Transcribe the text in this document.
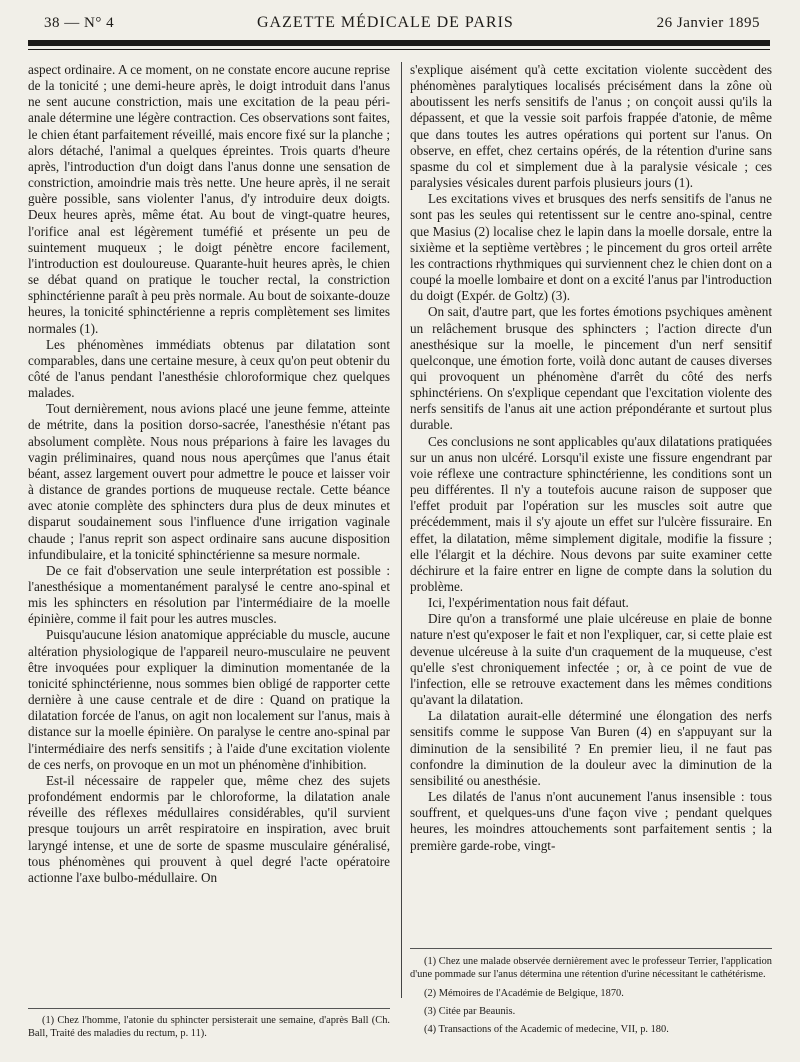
38 — N° 4	GAZETTE MÉDICALE DE PARIS	26 Janvier 1895

aspect ordinaire. A ce moment, on ne constate encore aucune reprise de la tonicité ; une demi-heure après, le doigt introduit dans l'anus ne sent aucune constriction, mais une excitation de la peau péri-anale détermine une légère contraction. Ces observations sont faites, le chien étant parfaitement réveillé, mais encore fixé sur la planche ; alors détaché, l'animal a quelques épreintes. Trois quarts d'heure après, l'introduction d'un doigt dans l'anus donne une sensation de constriction, amoindrie mais très nette. Une heure après, il ne serait guère possible, sans violenter l'anus, d'y introduire deux doigts. Deux heures après, même état. Au bout de vingt-quatre heures, l'orifice anal est légèrement tuméfié et présente un peu de suintement muqueux ; le doigt pénètre encore facilement, l'introduction est douloureuse. Quarante-huit heures après, le chien se débat quand on pratique le toucher rectal, la constriction sphinctérienne paraît à peu près normale. Au bout de soixante-douze heures, la tonicité sphinctérienne a repris complètement ses limites normales (1).

Les phénomènes immédiats obtenus par dilatation sont comparables, dans une certaine mesure, à ceux qu'on peut obtenir du côté de l'anus pendant l'anesthésie chloroformique chez quelques malades.

Tout dernièrement, nous avions placé une jeune femme, atteinte de métrite, dans la position dorso-sacrée, l'anesthésie n'étant pas absolument complète. Nous nous préparions à faire les lavages du vagin préliminaires, quand nous nous aperçûmes que l'anus était béant, assez largement ouvert pour admettre le pouce et laisser voir à distance de grandes portions de muqueuse rectale. Cette béance avec atonie complète des sphincters dura plus de deux minutes et disparut soudainement sous l'influence d'une irrigation vaginale chaude ; l'anus reprit son aspect ordinaire sans aucune disposition infundibulaire, et la tonicité sphinctérienne sa mesure normale.

De ce fait d'observation une seule interprétation est possible : l'anesthésique a momentanément paralysé le centre ano-spinal et mis les sphincters en résolution par l'intermédiaire de la moelle épinière, comme il fait pour les autres muscles.

Puisqu'aucune lésion anatomique appréciable du muscle, aucune altération physiologique de l'appareil neuro-musculaire ne peuvent être invoquées pour expliquer la diminution momentanée de la tonicité sphinctérienne, nous sommes bien obligé de rapporter cette dernière à une cause centrale et de dire : Quand on pratique la dilatation forcée de l'anus, on agit non localement sur l'anus, mais à distance sur la moelle épinière. On paralyse le centre ano-spinal par l'intermédiaire des nerfs sensitifs ; à l'aide d'une excitation violente de ces nerfs, on provoque en un mot un phénomène d'inhibition.

Est-il nécessaire de rappeler que, même chez des sujets profondément endormis par le chloroforme, la dilatation anale réveille des réflexes médullaires considérables, qu'il survient presque toujours un arrêt respiratoire en inspiration, avec bruit laryngé intense, et une de sorte de spasme musculaire généralisé, tous phénomènes qui prouvent à quel degré l'acte opératoire actionne l'axe bulbo-médullaire. On

s'explique aisément qu'à cette excitation violente succèdent des phénomènes paralytiques localisés précisément dans la zône où aboutissent les nerfs sensitifs de l'anus ; on conçoit aussi qu'ils la dépassent, et que la vessie soit parfois frappée d'atonie, de même que dans toutes les autres opérations qui portent sur l'anus. On observe, en effet, chez certains opérés, de la rétention d'urine sans spasme du col et simplement due à la paralysie vésicale ; ces paralysies vésicales durent parfois plusieurs jours (1).

Les excitations vives et brusques des nerfs sensitifs de l'anus ne sont pas les seules qui retentissent sur le centre ano-spinal, centre que Masius (2) localise chez le lapin dans la moelle dorsale, entre la sixième et la septième vertèbres ; le pincement du gros orteil arrête les contractions rhythmiques qui surviennent chez le chien dont on a coupé la moelle lombaire et dont on a excité l'anus par l'introduction du doigt (Expér. de Goltz) (3).

On sait, d'autre part, que les fortes émotions psychiques amènent un relâchement brusque des sphincters ; l'action directe d'un anesthésique sur la moelle, le pincement d'un nerf sensitif quelconque, une émotion forte, voilà donc autant de causes diverses qui provoquent un phénomène d'arrêt du côté des nerfs sphinctériens. On s'explique cependant que l'excitation violente des nerfs sensitifs de l'anus ait une action prépondérante et surtout plus durable.

Ces conclusions ne sont applicables qu'aux dilatations pratiquées sur un anus non ulcéré. Lorsqu'il existe une fissure engendrant par voie réflexe une contracture sphinctérienne, les conditions sont un peu différentes. Il n'y a toutefois aucune raison de supposer que l'effet produit par l'opération sur les muscles soit autre que précédemment, mais il s'y ajoute un effet sur l'ulcère fissuraire. En effet, la dilatation, même simplement digitale, modifie la fissure ; elle l'élargit et la déchire. Nous devons par suite examiner cette déchirure et la faire entrer en ligne de compte dans la solution du problème.

Ici, l'expérimentation nous fait défaut.

Dire qu'on a transformé une plaie ulcéreuse en plaie de bonne nature n'est qu'exposer le fait et non l'expliquer, car, si cette plaie est devenue ulcéreuse à la suite d'un craquement de la muqueuse, c'est qu'elle s'est chroniquement infectée ; or, à ce point de vue de l'infection, elle se retrouve exactement dans les mêmes conditions qu'avant la dilatation.

La dilatation aurait-elle déterminé une élongation des nerfs sensitifs comme le suppose Van Buren (4) en s'appuyant sur la diminution de la sensibilité ? En premier lieu, il ne faut pas confondre la diminution de la douleur avec la diminution de la sensibilité ou anesthésie.

Les dilatés de l'anus n'ont aucunement l'anus insensible : tous souffrent, et quelques-uns d'une façon vive ; pendant quelques heures, les moindres attouchements sont parfaitement sentis ; la première garde-robe, vingt-

(1) Chez une malade observée dernièrement avec le professeur Terrier, l'application d'une pommade sur l'anus détermina une rétention d'urine nécessitant le cathétérisme.

(2) Mémoires de l'Académie de Belgique, 1870.

(3) Citée par Beaunis.

(4) Transactions of the Academic of medecine, VII, p. 180.

(1) Chez l'homme, l'atonie du sphincter persisterait une semaine, d'après Ball (Ch. Ball, Traité des maladies du rectum, p. 11).
